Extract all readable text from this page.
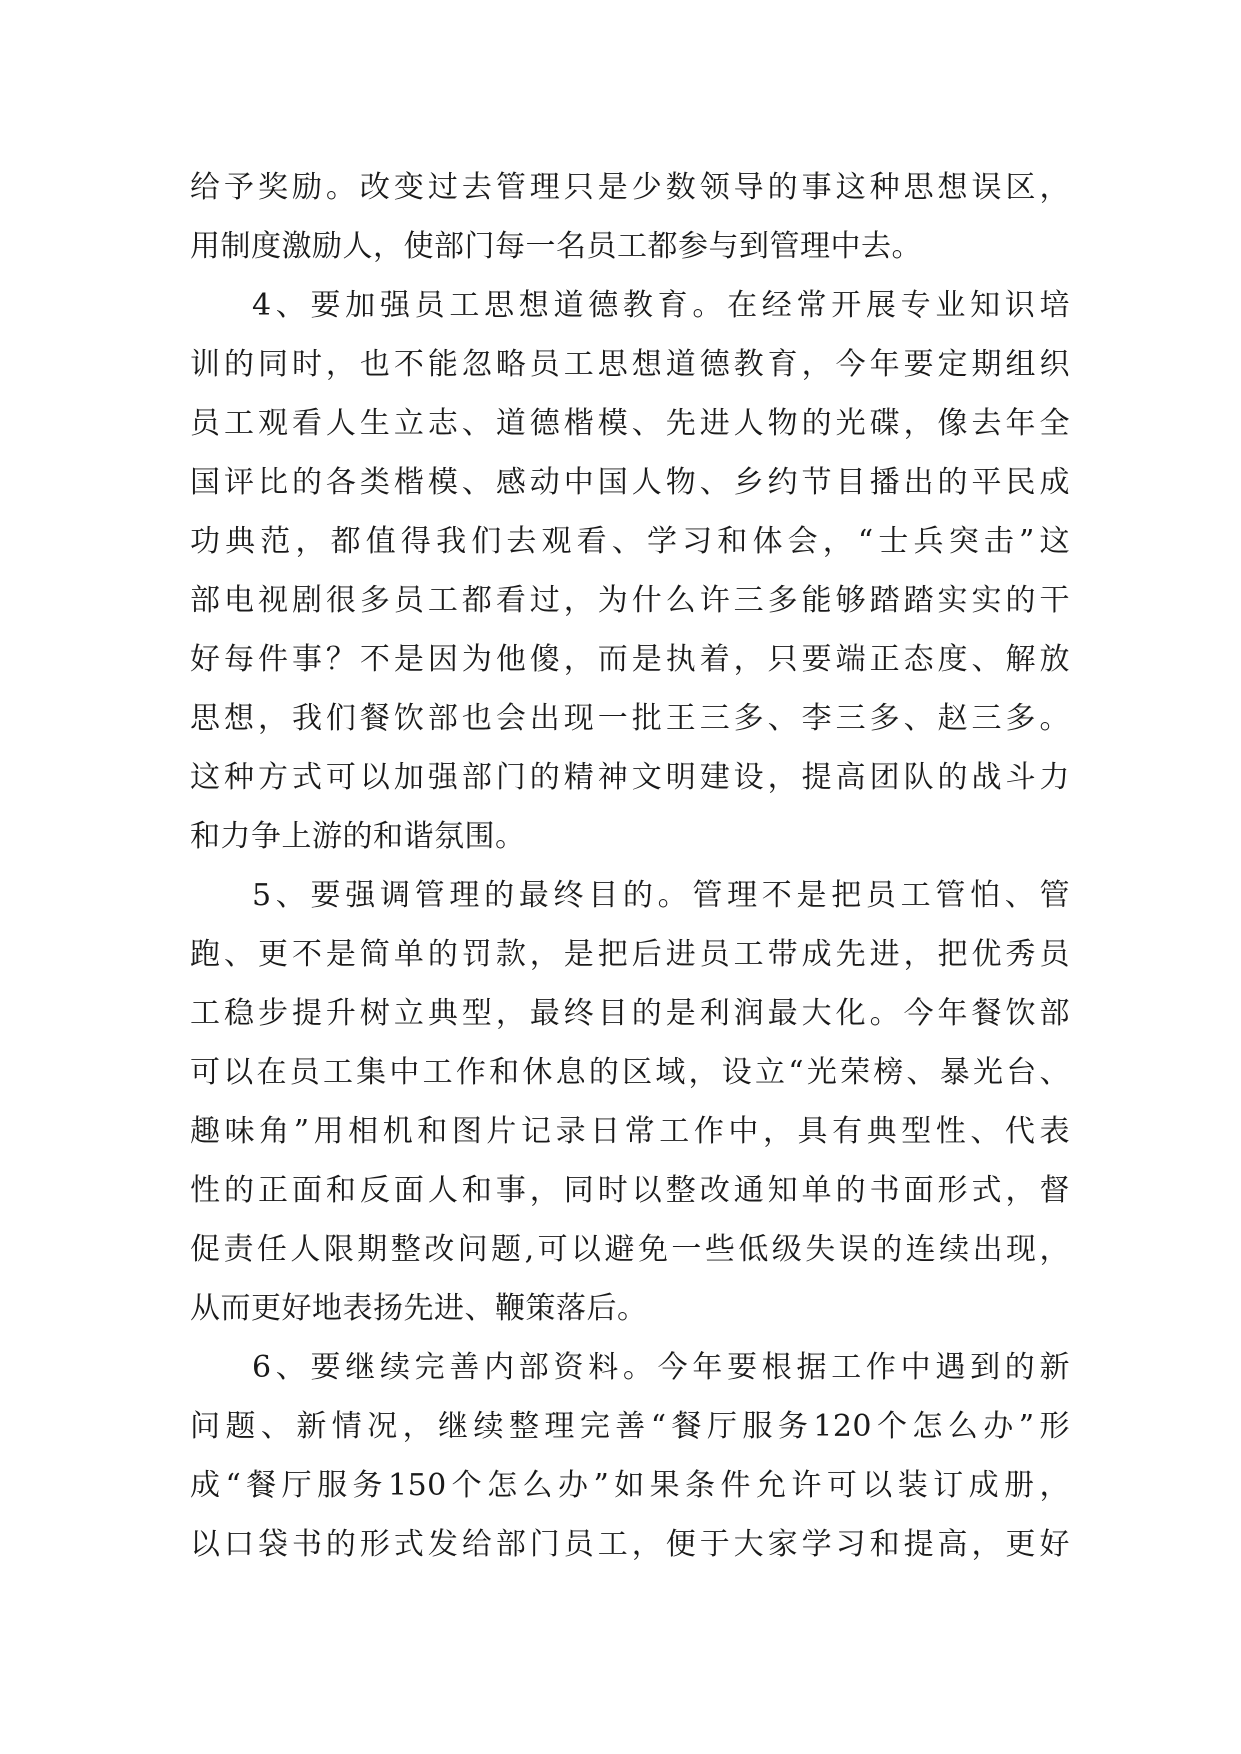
给予奖励。改变过去管理只是少数领导的事这种思想误区，
用制度激励人，使部门每一名员工都参与到管理中去。
4、要加强员工思想道德教育。在经常开展专业知识培
训的同时，也不能忽略员工思想道德教育，今年要定期组织
员工观看人生立志、道德楷模、先进人物的光碟，像去年全
国评比的各类楷模、感动中国人物、乡约节目播出的平民成
功典范，都值得我们去观看、学习和体会，“士兵突击”这
部电视剧很多员工都看过，为什么许三多能够踏踏实实的干
好每件事？不是因为他傻，而是执着，只要端正态度、解放
思想，我们餐饮部也会出现一批王三多、李三多、赵三多。
这种方式可以加强部门的精神文明建设，提高团队的战斗力
和力争上游的和谐氛围。
5、要强调管理的最终目的。管理不是把员工管怕、管
跑、更不是简单的罚款，是把后进员工带成先进，把优秀员
工稳步提升树立典型，最终目的是利润最大化。今年餐饮部
可以在员工集中工作和休息的区域，设立“光荣榜、暴光台、
趣味角”用相机和图片记录日常工作中，具有典型性、代表
性的正面和反面人和事，同时以整改通知单的书面形式，督
促责任人限期整改问题,可以避免一些低级失误的连续出现，
从而更好地表扬先进、鞭策落后。
6、要继续完善内部资料。今年要根据工作中遇到的新
问题、新情况，继续整理完善“餐厅服务120个怎么办”形
成“餐厅服务150个怎么办”如果条件允许可以装订成册，
以口袋书的形式发给部门员工，便于大家学习和提高，更好
